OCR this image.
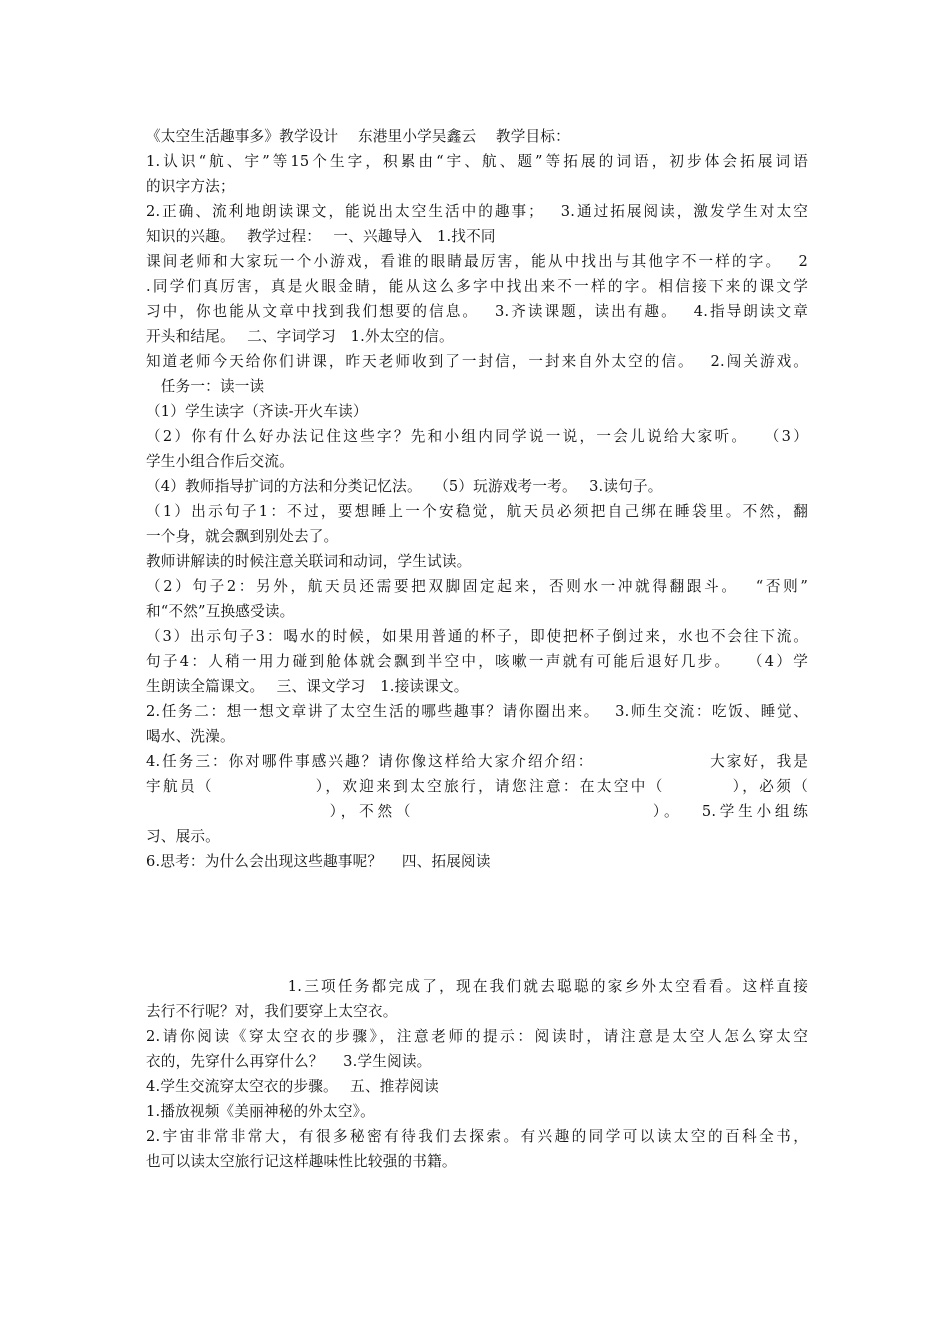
《太空生活趣事多》教学设计　 东港里小学吴鑫云　 教学目标：
1.认识“航、宇”等15个生字，积累由“宇、航、题”等拓展的词语，初步体会拓展词语
的识字方法；
2.正确、流利地朗读课文，能说出太空生活中的趣事；　 3.通过拓展阅读，激发学生对太空
知识的兴趣。　 教学过程：　 一、兴趣导入　1.找不同
课间老师和大家玩一个小游戏，看谁的眼睛最厉害，能从中找出与其他字不一样的字。　 2
.同学们真厉害，真是火眼金睛，能从这么多字中找出来不一样的字。相信接下来的课文学
习中，你也能从文章中找到我们想要的信息。　 3.齐读课题，读出有趣。　 4.指导朗读文章
开头和结尾。　 二、字词学习　1.外太空的信。
知道老师今天给你们讲课，昨天老师收到了一封信，一封来自外太空的信。　 2.闯关游戏。
　任务一：读一读
（1）学生读字（齐读-开火车读）
（2）你有什么好办法记住这些字？先和小组内同学说一说，一会儿说给大家听。　 （3）
学生小组合作后交流。
（4）教师指导扩词的方法和分类记忆法。　 （5）玩游戏考一考。　 3.读句子。
（1）出示句子1：不过，要想睡上一个安稳觉，航天员必须把自己绑在睡袋里。不然，翻
一个身，就会飘到别处去了。
教师讲解读的时候注意关联词和动词，学生试读。
（2）句子2：另外，航天员还需要把双脚固定起来，否则水一冲就得翻跟斗。　 “否则”
和“不然”互换感受读。
（3）出示句子3：喝水的时候，如果用普通的杯子，即使把杯子倒过来，水也不会往下流。
句子4：人稍一用力碰到舱体就会飘到半空中，咳嗽一声就有可能后退好几步。　 （4）学
生朗读全篇课文。　 三、课文学习　1.接读课文。
2.任务二：想一想文章讲了太空生活的哪些趣事？请你圈出来。　 3.师生交流：吃饭、睡觉、
喝水、洗澡。
4.任务三：你对哪件事感兴趣？请你像这样给大家介绍介绍：　　　　　　　 大家好，我是
宇航员（　　　　　　），欢迎来到太空旅行，请您注意：在太空中（　　　　），必须（
　　　　　　　　　　），不然（　　　　　　　　　　　　　）。　 5.学生小组练
习、展示。
6.思考：为什么会出现这些趣事呢？　 四、拓展阅读
　　　　　　　　 1.三项任务都完成了，现在我们就去聪聪的家乡外太空看看。这样直接
去行不行呢？对，我们要穿上太空衣。
2.请你阅读《穿太空衣的步骤》，注意老师的提示：阅读时，请注意是太空人怎么穿太空
衣的，先穿什么再穿什么？　 3.学生阅读。
4.学生交流穿太空衣的步骤。　 五、推荐阅读
1.播放视频《美丽神秘的外太空》。
2.宇宙非常非常大，有很多秘密有待我们去探索。有兴趣的同学可以读太空的百科全书，
也可以读太空旅行记这样趣味性比较强的书籍。
